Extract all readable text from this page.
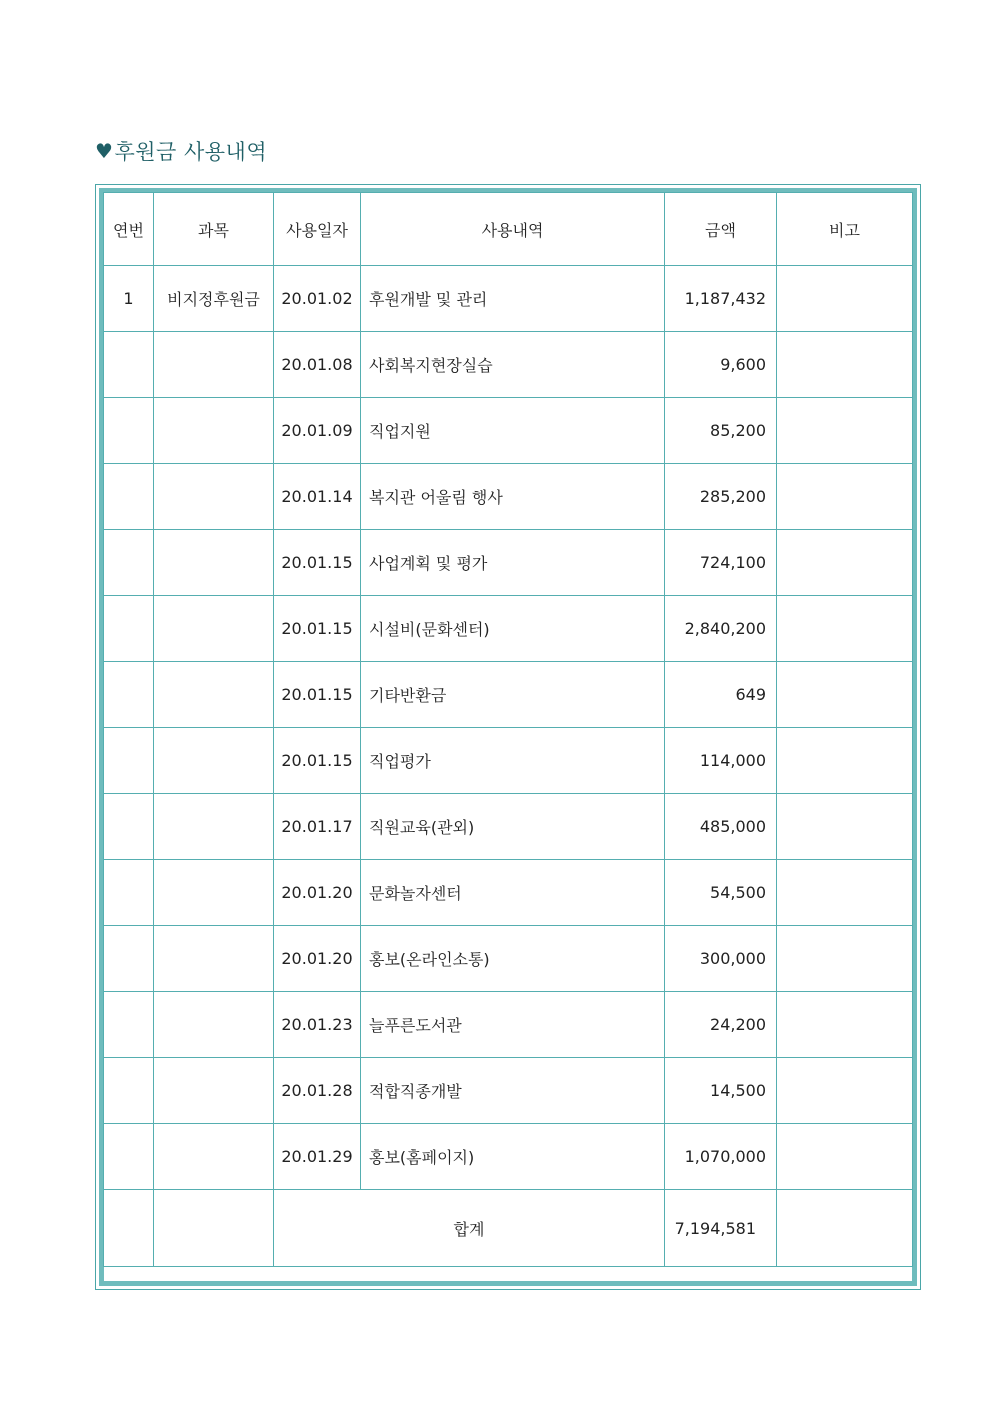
♥ 후원금 사용내역
연번	과목	사용일자	사용내역	금액	비고
1	비지정후원금	20.01.02	후원개발 및 관리	1,187,432	
		20.01.08	사회복지현장실습	9,600	
		20.01.09	직업지원	85,200	
		20.01.14	복지관 어울림 행사	285,200	
		20.01.15	사업계획 및 평가	724,100	
		20.01.15	시설비(문화센터)	2,840,200	
		20.01.15	기타반환금	649	
		20.01.15	직업평가	114,000	
		20.01.17	직원교육(관외)	485,000	
		20.01.20	문화놀자센터	54,500	
		20.01.20	홍보(온라인소통)	300,000	
		20.01.23	늘푸른도서관	24,200	
		20.01.28	적합직종개발	14,500	
		20.01.29	홍보(홈페이지)	1,070,000	
		합계		7,194,581	
